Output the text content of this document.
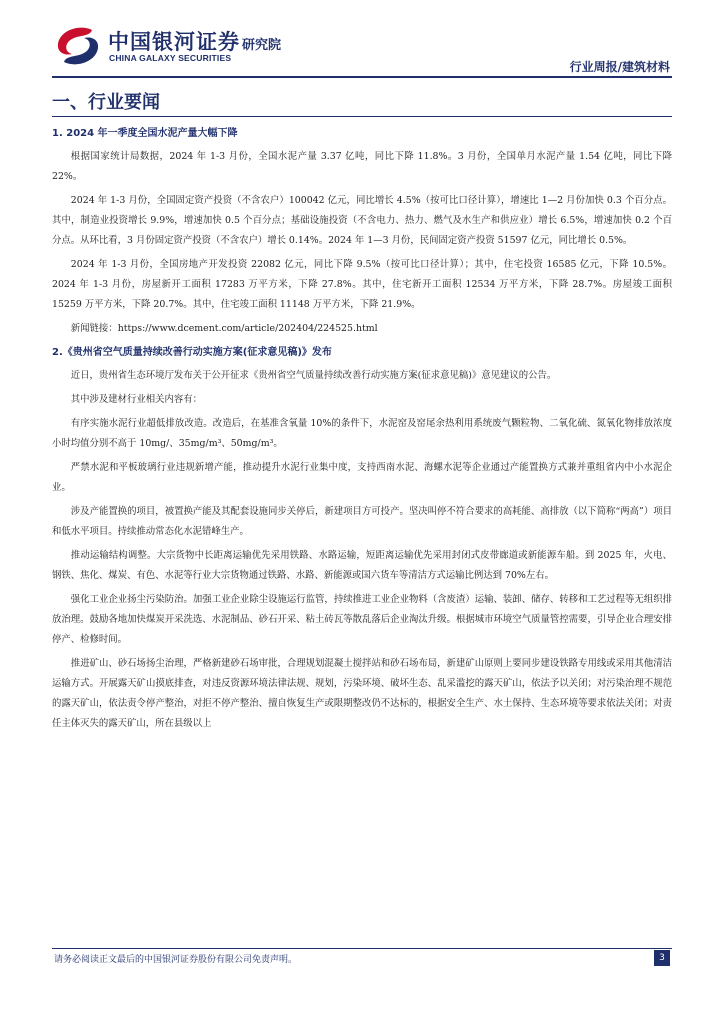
中国银河证券
CHINA GALAXY SECURITIES
研究院
行业周报/建筑材料
一、行业要闻
1. 2024 年一季度全国水泥产量大幅下降

根据国家统计局数据，2024 年 1-3 月份，全国水泥产量 3.37 亿吨，同比下降 11.8%。3 月份，全国单月水泥产量 1.54 亿吨，同比下降 22%。

2024 年 1-3 月份，全国固定资产投资（不含农户）100042 亿元，同比增长 4.5%（按可比口径计算），增速比 1—2 月份加快 0.3 个百分点。其中，制造业投资增长 9.9%，增速加快 0.5 个百分点；基础设施投资（不含电力、热力、燃气及水生产和供应业）增长 6.5%，增速加快 0.2 个百分点。从环比看，3 月份固定资产投资（不含农户）增长 0.14%。2024 年 1—3 月份，民间固定资产投资 51597 亿元，同比增长 0.5%。

2024 年 1-3 月份，全国房地产开发投资 22082 亿元，同比下降 9.5%（按可比口径计算）；其中，住宅投资 16585 亿元，下降 10.5%。2024 年 1-3 月份，房屋新开工面积 17283 万平方米，下降 27.8%。其中，住宅新开工面积 12534 万平方米，下降 28.7%。房屋竣工面积 15259 万平方米，下降 20.7%。其中，住宅竣工面积 11148 万平方米，下降 21.9%。

新闻链接：https://www.dcement.com/article/202404/224525.html

2.《贵州省空气质量持续改善行动实施方案(征求意见稿)》发布

近日，贵州省生态环境厅发布关于公开征求《贵州省空气质量持续改善行动实施方案(征求意见稿)》意见建议的公告。

其中涉及建材行业相关内容有：

有序实施水泥行业超低排放改造。改造后，在基准含氧量 10%的条件下，水泥窑及窑尾余热利用系统废气颗粒物、二氧化硫、氮氧化物排放浓度小时均值分别不高于 10mg/、35mg/m³、50mg/m³。

严禁水泥和平板玻璃行业违规新增产能，推动提升水泥行业集中度，支持西南水泥、海螺水泥等企业通过产能置换方式兼并重组省内中小水泥企业。

涉及产能置换的项目，被置换产能及其配套设施同步关停后，新建项目方可投产。坚决叫停不符合要求的高耗能、高排放（以下简称“两高”）项目和低水平项目。持续推动常态化水泥错峰生产。

推动运输结构调整。大宗货物中长距离运输优先采用铁路、水路运输，短距离运输优先采用封闭式皮带廊道或新能源车船。到 2025 年，火电、钢铁、焦化、煤炭、有色、水泥等行业大宗货物通过铁路、水路、新能源或国六货车等清洁方式运输比例达到 70%左右。

强化工业企业扬尘污染防治。加强工业企业除尘设施运行监管，持续推进工业企业物料（含废渣）运输、装卸、储存、转移和工艺过程等无组织排放治理。鼓励各地加快煤炭开采洗选、水泥制品、砂石开采、粘土砖瓦等散乱落后企业淘汰升级。根据城市环境空气质量管控需要，引导企业合理安排停产、检修时间。

推进矿山、砂石场扬尘治理，严格新建砂石场审批，合理规划混凝土搅拌站和砂石场布局，新建矿山原则上要同步建设铁路专用线或采用其他清洁运输方式。开展露天矿山摸底排查，对违反资源环境法律法规、规划，污染环境、破坏生态、乱采滥挖的露天矿山，依法予以关闭；对污染治理不规范的露天矿山，依法责令停产整治，对拒不停产整治、擅自恢复生产或限期整改仍不达标的，根据安全生产、水土保持、生态环境等要求依法关闭；对责任主体灭失的露天矿山，所在县级以上

请务必阅读正文最后的中国银河证券股份有限公司免责声明。	3
